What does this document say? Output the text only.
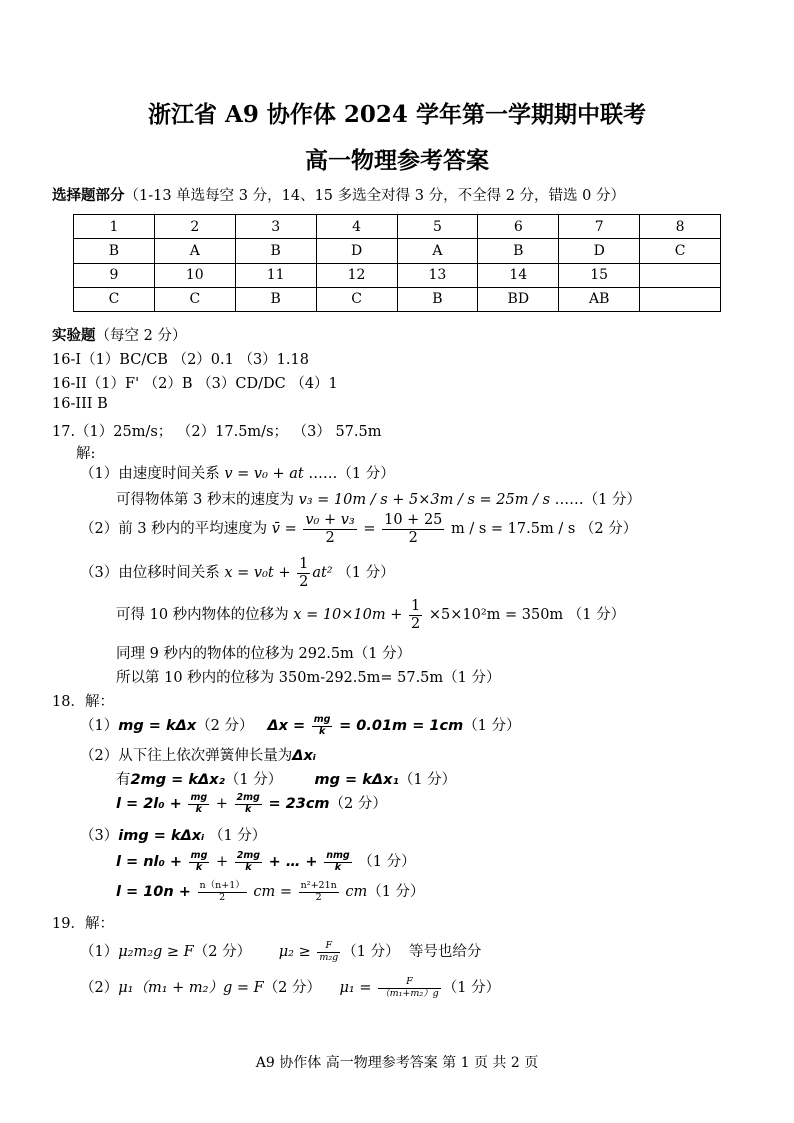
浙江省 A9 协作体 2024 学年第一学期期中联考
高一物理参考答案
选择题部分（1-13 单选每空 3 分，14、15 多选全对得 3 分，不全得 2 分，错选 0 分）
1	2	3	4	5	6	7	8
B	A	B	D	A	B	D	C
9	10	11	12	13	14	15	
C	C	B	C	B	BD	AB	
实验题（每空 2 分）
16-I（1）BC/CB （2）0.1 （3）1.18
16-II（1）F' （2）B （3）CD/DC （4）1
16-III B
17.（1）25m/s； （2）17.5m/s； （3） 57.5m
解:
（1）由速度时间关系 v = v₀ + at ……（1 分）
可得物体第 3 秒末的速度为 v₃ = 10m / s + 5×3m / s = 25m / s ……（1 分）
（2）前 3 秒内的平均速度为 v̄ = $\frac{\text{v₀ + v₃}}{2} = \frac{10 + 25}{2}$ m / s = 17.5m / s （2 分）
（3）由位移时间关系 $x = v_0t + \frac{1}{2} at^2$ （1 分）
可得 10 秒内物体的位移为 $x = 10\times 10m + \frac{1}{2} \times 5\times 10^2m = 350m$ （1 分）
同理 9 秒内的物体的位移为 292.5m（1 分）
所以第 10 秒内的位移为 350m-292.5m= 57.5m（1 分）
18．解：
（1）mg = kΔx（2 分） $\Delta x = \frac{mg}{k} = 0.01m = 1cm(1$ 分）
（2）从下往上依次弹簧伸长量为Δxᵢ
有2mg = kΔx₂（1 分） mg = kΔx₁（1 分）
$l = 2l_0 + \frac{mg}{k} + \frac{2mg}{k} = 23cm(2$ 分）
（3）img = kΔxᵢ （1 分）
$l = nl_0 + \frac{mg}{k} + \frac{2mg}{k}$ + … + $\frac{\text{nmg}}{k} (1$ 分）
$l = 10n + \frac{n(n+1)}{2}$ cm = $\frac{\text{n²+21n}}{2} cm(1$ 分）
19．解：
（1）μ₂m₂g ≥ F（2 分） $\mu_2 \ge \frac{F}{\text{m₂g}} (1$ 分） 等号也给分
（2）μ₁（m₁ + m₂）g = F（2 分） $\mu_1 = \frac{F}{\text{（m₁+m₂）g}} (1$ 分）
A9 协作体 高一物理参考答案 第 1 页 共 2 页
